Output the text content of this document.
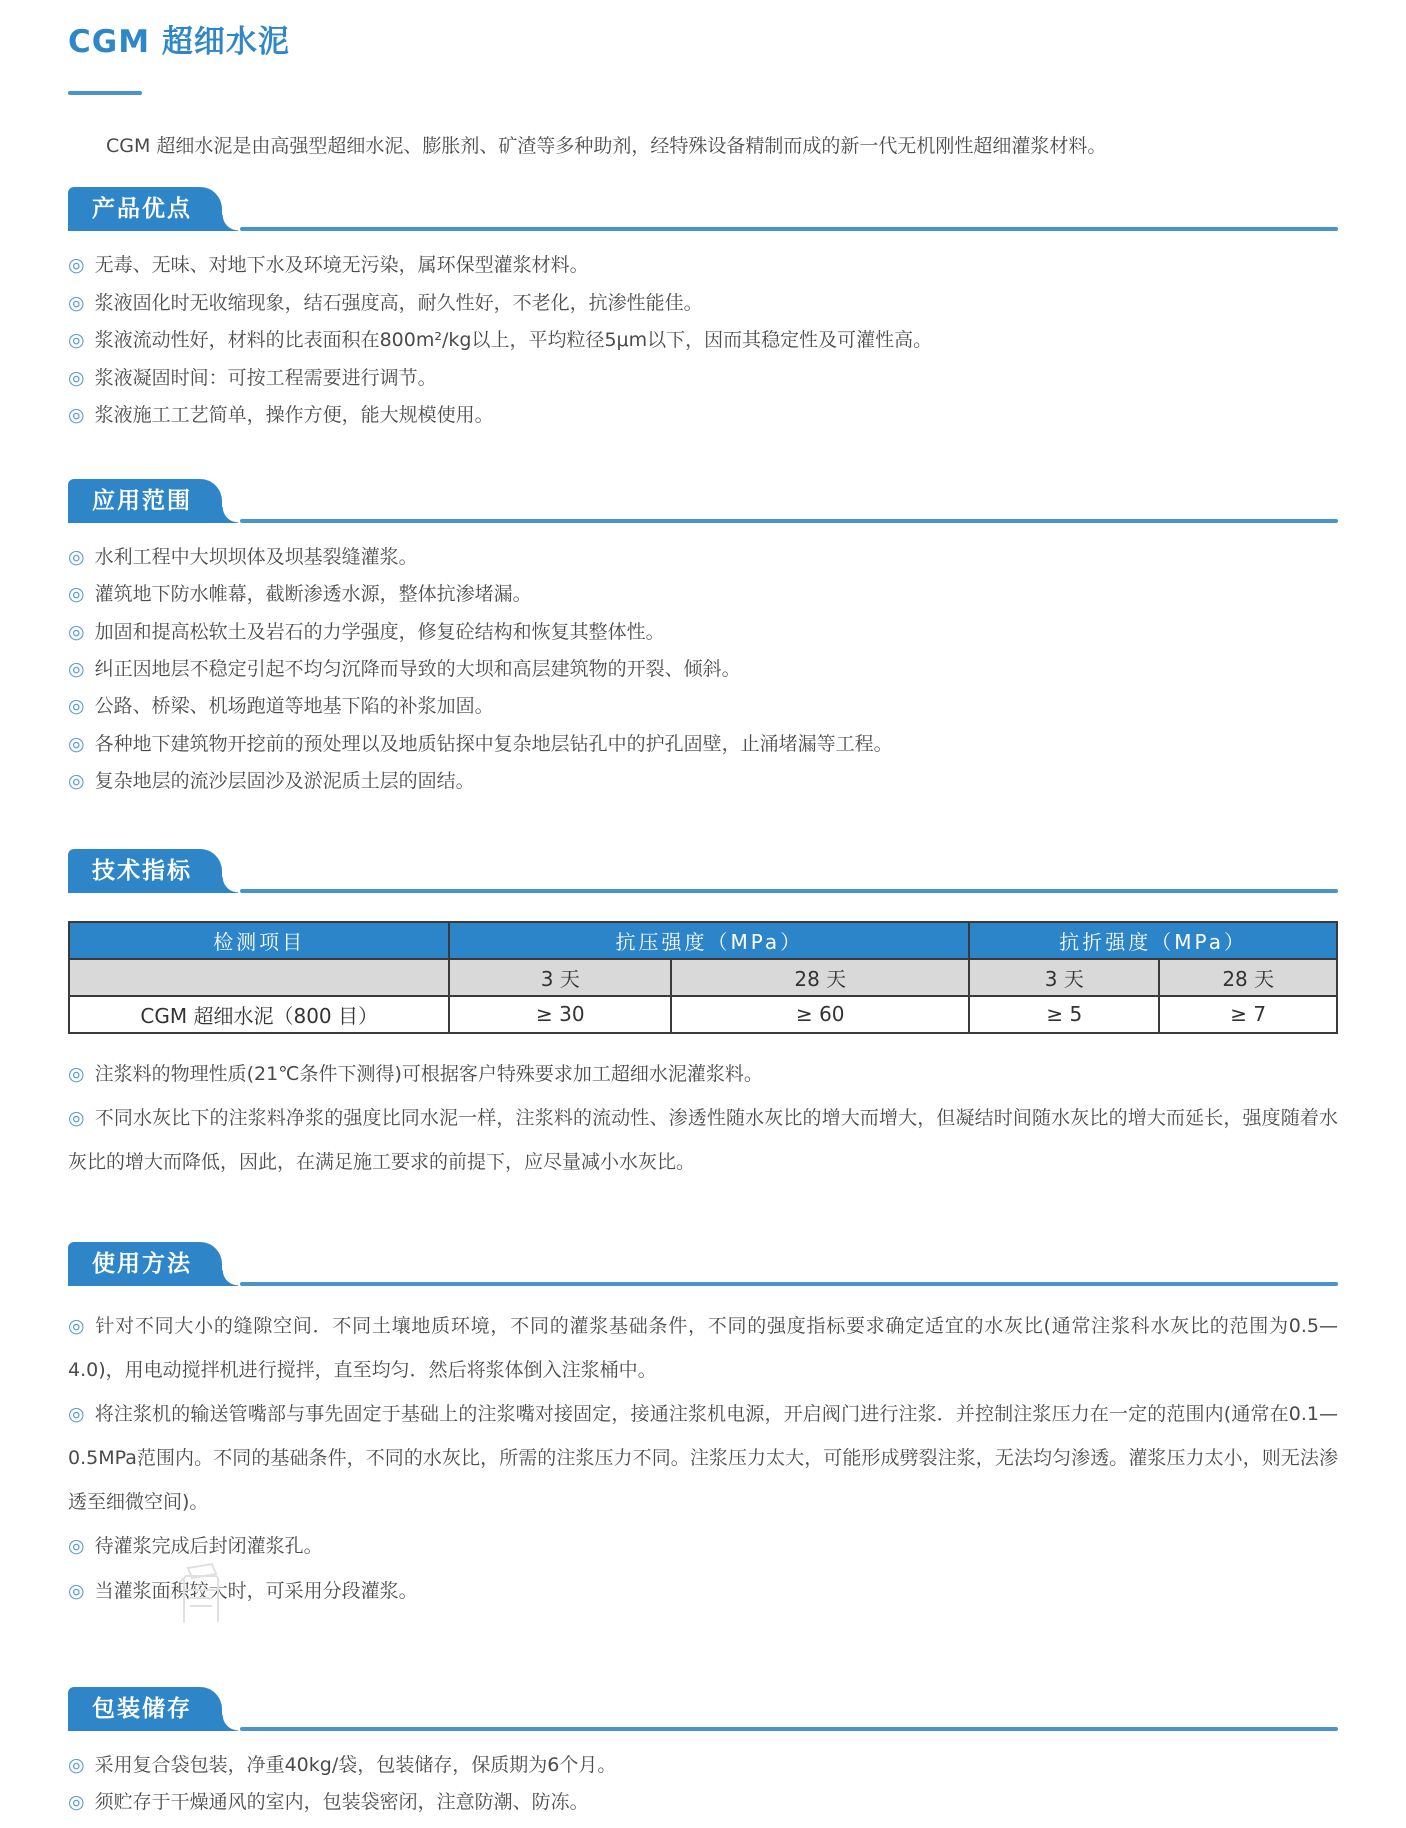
CGM 超细水泥

CGM 超细水泥是由高强型超细水泥、膨胀剂、矿渣等多种助剂，经特殊设备精制而成的新一代无机刚性超细灌浆材料。

产品优点
◎ 无毒、无味、对地下水及环境无污染，属环保型灌浆材料。
◎ 浆液固化时无收缩现象，结石强度高，耐久性好，不老化，抗渗性能佳。
◎ 浆液流动性好，材料的比表面积在800m²/kg以上，平均粒径5μm以下，因而其稳定性及可灌性高。
◎ 浆液凝固时间：可按工程需要进行调节。
◎ 浆液施工工艺简单，操作方便，能大规模使用。
应用范围
◎ 水利工程中大坝坝体及坝基裂缝灌浆。
◎ 灌筑地下防水帷幕，截断渗透水源，整体抗渗堵漏。
◎ 加固和提高松软土及岩石的力学强度，修复砼结构和恢复其整体性。
◎ 纠正因地层不稳定引起不均匀沉降而导致的大坝和高层建筑物的开裂、倾斜。
◎ 公路、桥梁、机场跑道等地基下陷的补浆加固。
◎ 各种地下建筑物开挖前的预处理以及地质钻探中复杂地层钻孔中的护孔固壁，止涌堵漏等工程。
◎ 复杂地层的流沙层固沙及淤泥质土层的固结。
技术指标
检测项目	抗压强度（MPa）		抗折强度（MPa）	
	3 天	28 天	3 天	28 天
CGM 超细水泥（800 目）	≥ 30	≥ 60	≥ 5	≥ 7

◎ 注浆料的物理性质(21℃条件下测得)可根据客户特殊要求加工超细水泥灌浆料。

◎ 不同水灰比下的注浆料净浆的强度比同水泥一样，注浆料的流动性、渗透性随水灰比的增大而增大，但凝结时间随水灰比的增大而延长，强度随着水灰比的增大而降低，因此，在满足施工要求的前提下，应尽量减小水灰比。

使用方法

◎ 针对不同大小的缝隙空间．不同土壤地质环境，不同的灌浆基础条件，不同的强度指标要求确定适宜的水灰比(通常注浆科水灰比的范围为0.5—4.0)，用电动搅拌机进行搅拌，直至均匀．然后将浆体倒入注浆桶中。

◎ 将注浆机的输送管嘴部与事先固定于基础上的注浆嘴对接固定，接通注浆机电源，开启阀门进行注浆．并控制注浆压力在一定的范围内(通常在0.1—0.5MPa范围内。不同的基础条件，不同的水灰比，所需的注浆压力不同。注浆压力太大，可能形成劈裂注浆，无法均匀渗透。灌浆压力太小，则无法渗透至细微空间)。

◎ 待灌浆完成后封闭灌浆孔。

◎ 当灌浆面积较大时，可采用分段灌浆。

包装储存
◎ 采用复合袋包装，净重40kg/袋，包装储存，保质期为6个月。
◎ 须贮存于干燥通风的室内，包装袋密闭，注意防潮、防冻。
